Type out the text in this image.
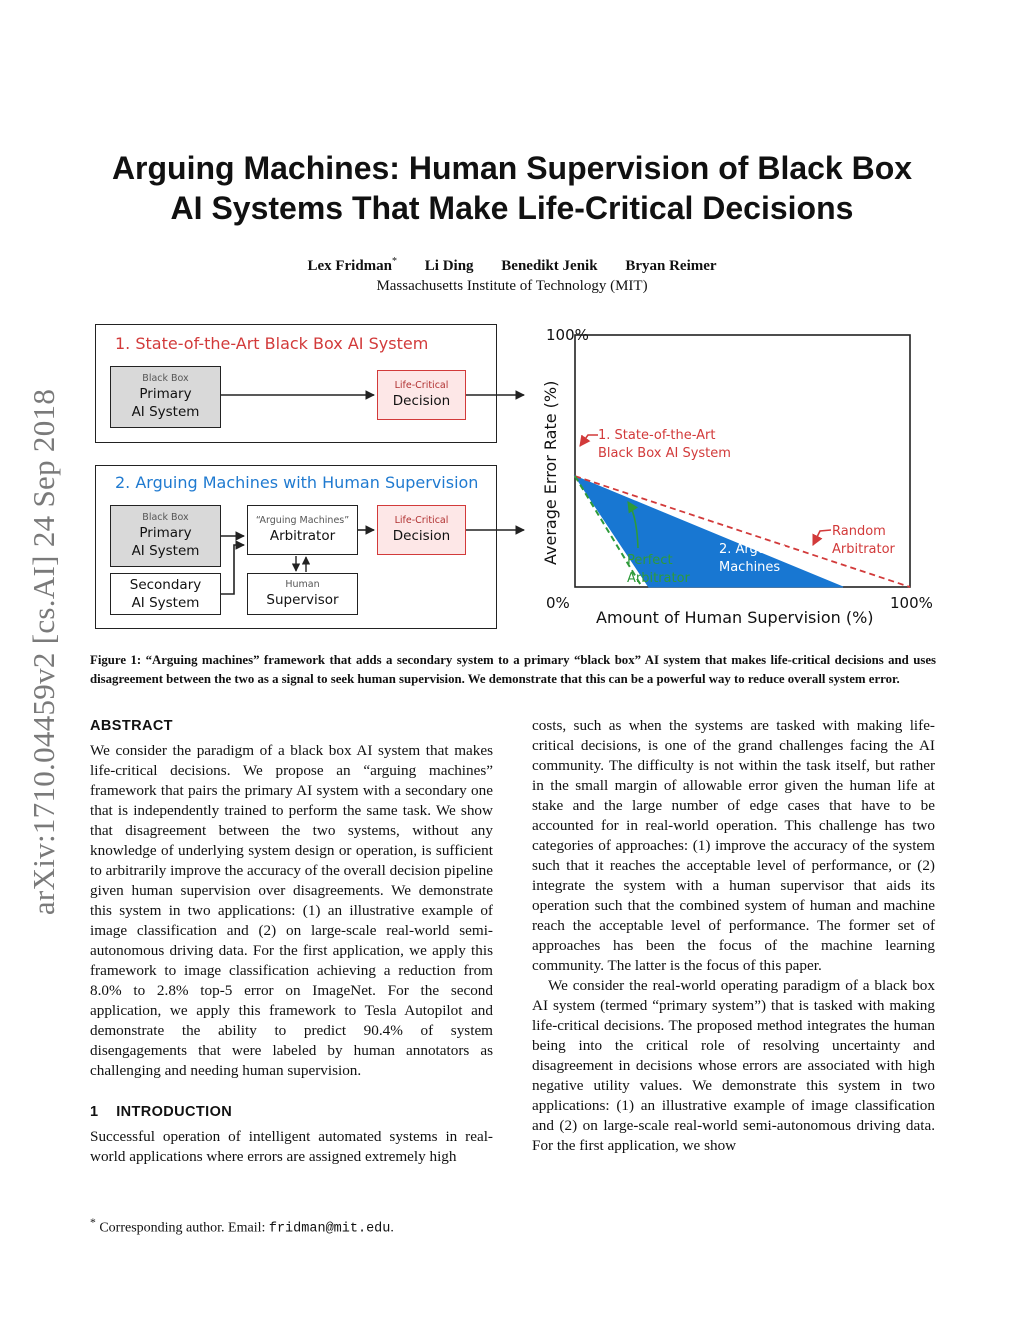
arXiv:1710.04459v2 [cs.AI] 24 Sep 2018
Arguing Machines: Human Supervision of Black Box
AI Systems That Make Life-Critical Decisions
Lex Fridman* Li Ding Benedikt Jenik Bryan Reimer
Massachusetts Institute of Technology (MIT)
1. State-of-the-Art Black Box AI System
Black Box
Primary
AI System
Life-Critical
Decision
2. Arguing Machines with Human Supervision
Black Box
Primary
AI System
Secondary
AI System
“Arguing Machines”
Arbitrator
Human
Supervisor
Life-Critical
Decision
100%
0%	100%
Amount of Human Supervision (%)
Average Error Rate (%)	1. State-of-the-Art Black Box AI System
Random Arbitrator
Perfect Arbitrator
2. Arguing Machines
Figure 1: “Arguing machines” framework that adds a secondary system to a primary “black box” AI system that makes life-critical decisions and uses disagreement between the two as a signal to seek human supervision. We demonstrate that this can be a powerful way to reduce overall system error.

ABSTRACT

We consider the paradigm of a black box AI system that makes life-critical decisions. We propose an “arguing machines” framework that pairs the primary AI system with a secondary one that is independently trained to perform the same task. We show that disagreement between the two systems, without any knowledge of underlying system design or operation, is sufficient to arbitrarily improve the accuracy of the overall decision pipeline given human supervision over disagreements. We demonstrate this system in two applications: (1) an illustrative example of image classification and (2) on large-scale real-world semi-autonomous driving data. For the first application, we apply this framework to image classification achieving a reduction from 8.0% to 2.8% top-5 error on ImageNet. For the second application, we apply this framework to Tesla Autopilot and demonstrate the ability to predict 90.4% of system disengagements that were labeled by human annotators as challenging and needing human supervision.

1 INTRODUCTION

Successful operation of intelligent automated systems in real-world applications where errors are assigned extremely high

costs, such as when the systems are tasked with making life-critical decisions, is one of the grand challenges facing the AI community. The difficulty is not within the task itself, but rather in the small margin of allowable error given the human life at stake and the large number of edge cases that have to be accounted for in real-world operation. This challenge has two categories of approaches: (1) improve the accuracy of the system such that it reaches the acceptable level of performance, or (2) integrate the system with a human supervisor that aids its operation such that the combined system of human and machine reach the acceptable level of performance. The former set of approaches has been the focus of the machine learning community. The latter is the focus of this paper.

We consider the real-world operating paradigm of a black box AI system (termed “primary system”) that is tasked with making life-critical decisions. The proposed method integrates the human being into the critical role of resolving uncertainty and disagreement in decisions whose errors are associated with high negative utility values. We demonstrate this system in two applications: (1) an illustrative example of image classification and (2) on large-scale real-world semi-autonomous driving data. For the first application, we show

* Corresponding author. Email: fridman@mit.edu.
